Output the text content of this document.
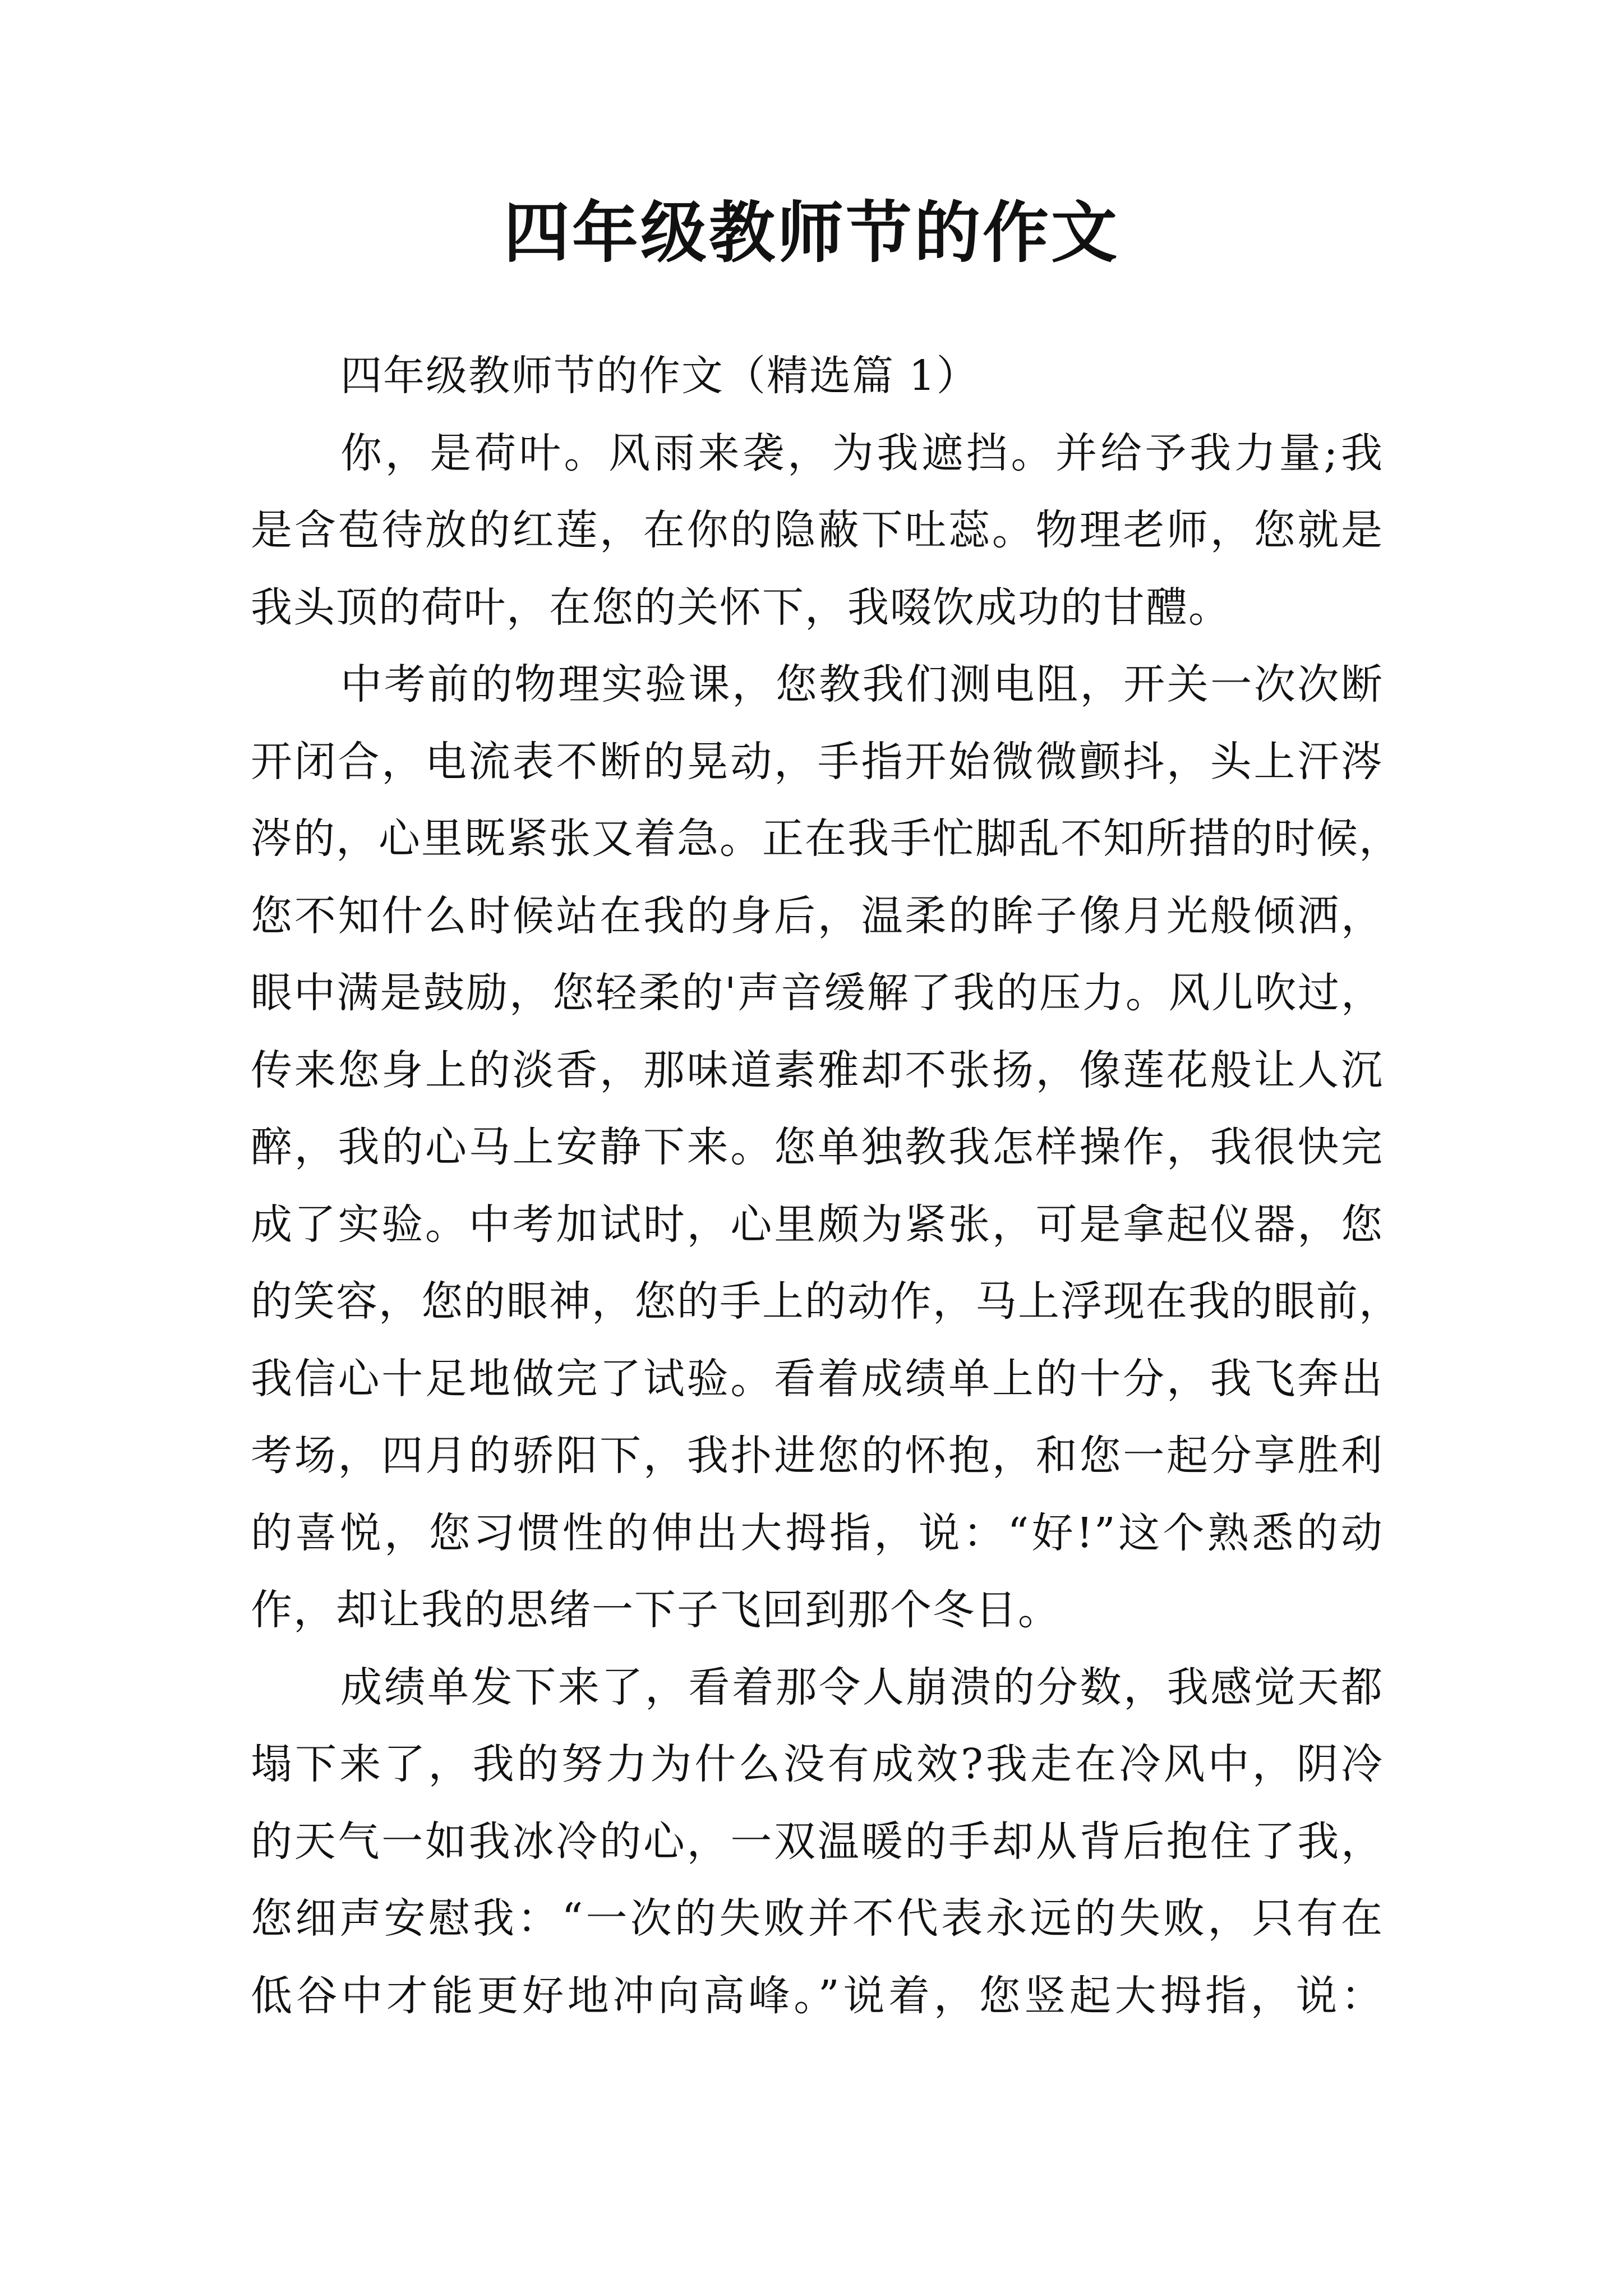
四年级教师节的作文
四年级教师节的作文（精选篇 1）
你，是荷叶。风雨来袭，为我遮挡。并给予我力量;我
是含苞待放的红莲，在你的隐蔽下吐蕊。物理老师，您就是
我头顶的荷叶，在您的关怀下，我啜饮成功的甘醴。
中考前的物理实验课，您教我们测电阻，开关一次次断
开闭合，电流表不断的晃动，手指开始微微颤抖，头上汗涔
涔的，心里既紧张又着急。正在我手忙脚乱不知所措的时候，
您不知什么时候站在我的身后，温柔的眸子像月光般倾洒，
眼中满是鼓励，您轻柔的'声音缓解了我的压力。风儿吹过，
传来您身上的淡香，那味道素雅却不张扬，像莲花般让人沉
醉，我的心马上安静下来。您单独教我怎样操作，我很快完
成了实验。中考加试时，心里颇为紧张，可是拿起仪器，您
的笑容，您的眼神，您的手上的动作，马上浮现在我的眼前，
我信心十足地做完了试验。看着成绩单上的十分，我飞奔出
考场，四月的骄阳下，我扑进您的怀抱，和您一起分享胜利
的喜悦，您习惯性的伸出大拇指，说：“好!”这个熟悉的动
作，却让我的思绪一下子飞回到那个冬日。
成绩单发下来了，看着那令人崩溃的分数，我感觉天都
塌下来了，我的努力为什么没有成效?我走在冷风中，阴冷
的天气一如我冰冷的心，一双温暖的手却从背后抱住了我，
您细声安慰我：“一次的失败并不代表永远的失败，只有在
低谷中才能更好地冲向高峰。”说着，您竖起大拇指，说：
